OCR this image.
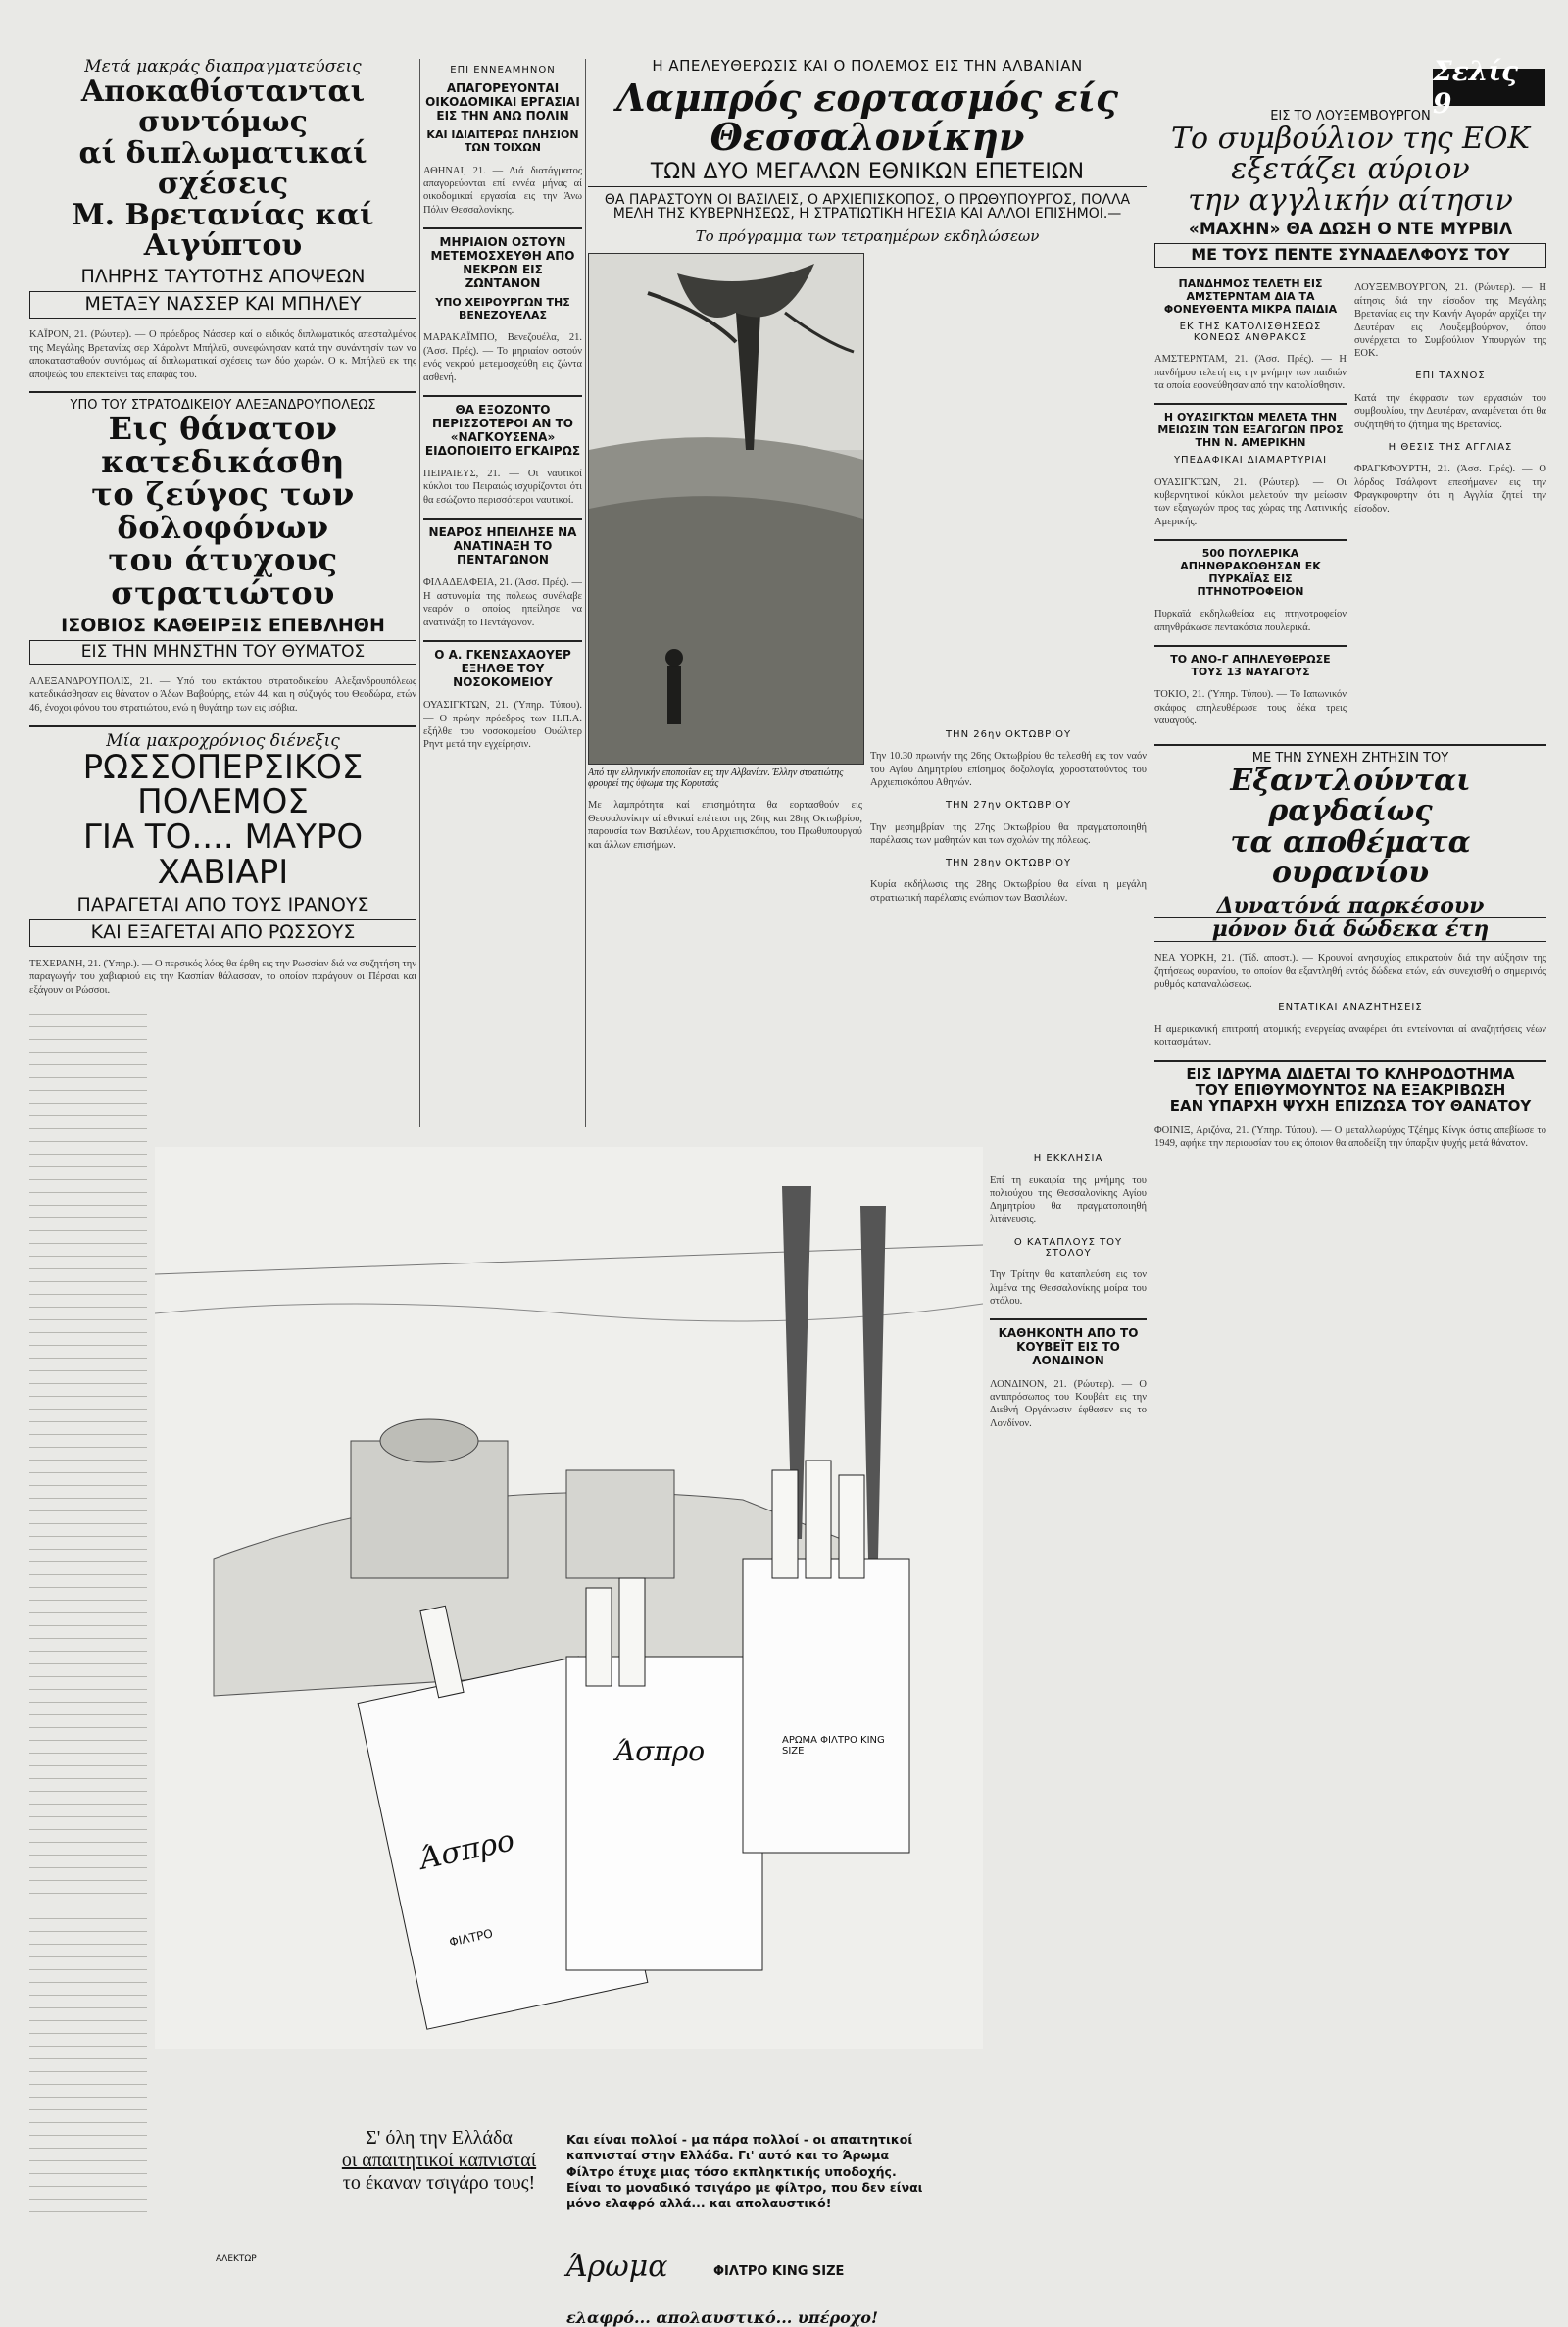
Σελίς 9

Μετά μακράς διαπραγματεύσεις

Αποκαθίστανται συντόμως

αί διπλωματικαί σχέσεις

Μ. Βρετανίας καί Αιγύπτου

ΠΛΗΡΗΣ ΤΑΥΤΟΤΗΣ ΑΠΟΨΕΩΝ

ΜΕΤΑΞΥ ΝΑΣΣΕΡ ΚΑΙ ΜΠΗΛΕΥ

ΚΑΪΡΟΝ, 21. (Ρώυτερ). — Ο πρόεδρος Νάσσερ καί ο ειδικός διπλωματικός απεσταλμένος της Μεγάλης Βρετανίας σερ Χάρολντ Μπήλεϋ, συνεφώνησαν κατά την συνάντησίν των να αποκατασταθούν συντόμως αί διπλωματικαί σχέσεις των δύο χωρών. Ο κ. Μπήλεϋ εκ της αποψεώς του επεκτείνει τας επαφάς του.

ΥΠΟ ΤΟΥ ΣΤΡΑΤΟΔΙΚΕΙΟΥ ΑΛΕΞΑΝΔΡΟΥΠΟΛΕΩΣ

Εις θάνατον κατεδικάσθη

το ζεύγος των δολοφόνων

του άτυχους στρατιώτου

ΙΣΟΒΙΟΣ ΚΑΘΕΙΡΞΙΣ ΕΠΕΒΛΗΘΗ

ΕΙΣ ΤΗΝ ΜΗΝΣΤΗΝ ΤΟΥ ΘΥΜΑΤΟΣ

ΑΛΕΞΑΝΔΡΟΥΠΟΛΙΣ, 21. — Υπό του εκτάκτου στρατοδικείου Αλεξανδρουπόλεως κατεδικάσθησαν εις θάνατον ο Άδων Βαβούρης, ετών 44, και η σύζυγός του Θεοδώρα, ετών 46, ένοχοι φόνου του στρατιώτου, ενώ η θυγάτηρ των εις ισόβια.

Μία μακροχρόνιος διένεξις

ΡΩΣΣΟΠΕΡΣΙΚΟΣ ΠΟΛΕΜΟΣ

ΓΙΑ ΤΟ.... ΜΑΥΡΟ ΧΑΒΙΑΡΙ

ΠΑΡΑΓΕΤΑΙ ΑΠΟ ΤΟΥΣ ΙΡΑΝΟΥΣ

ΚΑΙ ΕΞΑΓΕΤΑΙ ΑΠΟ ΡΩΣΣΟΥΣ

ΤΕΧΕΡΑΝΗ, 21. (Ύπηρ.). — Ο περσικός λόος θα έρθη εις την Ρωσσίαν διά να συζητήση την παραγωγήν του χαβιαριού εις την Κασπίαν θάλασσαν, το οποίον παράγουν οι Πέρσαι και εξάγουν οι Ρώσσοι.

ΕΠΙ ΕΝΝΕΑΜΗΝΟΝ

ΑΠΑΓΟΡΕΥΟΝΤΑΙ ΟΙΚΟΔΟΜΙΚΑΙ ΕΡΓΑΣΙΑΙ ΕΙΣ ΤΗΝ ΑΝΩ ΠΟΛΙΝ

ΚΑΙ ΙΔΙΑΙΤΕΡΩΣ ΠΛΗΣΙΟΝ ΤΩΝ ΤΟΙΧΩΝ

ΑΘΗΝΑΙ, 21. — Διά διατάγματος απαγορεύονται επί εννέα μήνας αί οικοδομικαί εργασίαι εις την Άνω Πόλιν Θεσσαλονίκης.

ΜΗΡΙΑΙΟΝ ΟΣΤΟΥΝ ΜΕΤΕΜΟΣΧΕΥΘΗ ΑΠΟ ΝΕΚΡΩΝ ΕΙΣ ΖΩΝΤΑΝΟΝ

ΥΠΟ ΧΕΙΡΟΥΡΓΩΝ ΤΗΣ ΒΕΝΕΖΟΥΕΛΑΣ

ΜΑΡΑΚΑΪΜΠΟ, Βενεζουέλα, 21. (Άσσ. Πρές). — Το μηριαίον οστούν ενός νεκρού μετεμοσχεύθη εις ζώντα ασθενή.

ΘΑ ΕΞΟΖΟΝΤΟ ΠΕΡΙΣΣΟΤΕΡΟΙ ΑΝ ΤΟ «ΝΑΓΚΟΥΣΕΝΑ» ΕΙΔΟΠΟΙΕΙΤΟ ΕΓΚΑΙΡΩΣ

ΠΕΙΡΑΙΕΥΣ, 21. — Οι ναυτικοί κύκλοι του Πειραιώς ισχυρίζονται ότι θα εσώζοντο περισσότεροι ναυτικοί.

ΝΕΑΡΟΣ ΗΠΕΙΛΗΣΕ ΝΑ ΑΝΑΤΙΝΑΞΗ ΤΟ ΠΕΝΤΑΓΩΝΟΝ

ΦΙΛΑΔΕΛΦΕΙΑ, 21. (Άσσ. Πρές). — Η αστυνομία της πόλεως συνέλαβε νεαρόν ο οποίος ηπείλησε να ανατινάξη το Πεντάγωνον.

Ο Α. ΓΚΕΝΣΑΧΑΟΥΕΡ ΕΞΗΛΘΕ ΤΟΥ ΝΟΣΟΚΟΜΕΙΟΥ

ΟΥΑΣΙΓΚΤΩΝ, 21. (Ύπηρ. Τύπου). — Ο πρώην πρόεδρος των Η.Π.Α. εξήλθε του νοσοκομείου Ουώλτερ Ρηντ μετά την εγχείρησιν.

Η ΑΠΕΛΕΥΘΕΡΩΣΙΣ ΚΑΙ Ο ΠΟΛΕΜΟΣ ΕΙΣ ΤΗΝ ΑΛΒΑΝΙΑΝ

Λαμπρός εορτασμός είς Θεσσαλονίκην

ΤΩΝ ΔΥΟ ΜΕΓΑΛΩΝ ΕΘΝΙΚΩΝ ΕΠΕΤΕΙΩΝ

ΘΑ ΠΑΡΑΣΤΟΥΝ ΟΙ ΒΑΣΙΛΕΙΣ, Ο ΑΡΧΙΕΠΙΣΚΟΠΟΣ, Ο ΠΡΩΘΥΠΟΥΡΓΟΣ, ΠΟΛΛΑ ΜΕΛΗ ΤΗΣ ΚΥΒΕΡΝΗΣΕΩΣ, Η ΣΤΡΑΤΙΩΤΙΚΗ ΗΓΕΣΙΑ ΚΑΙ ΑΛΛΟΙ ΕΠΙΣΗΜΟΙ.—

Το πρόγραμμα των τετραημέρων εκδηλώσεων

Από την ελληνικήν εποποιΐαν εις την Αλβανίαν. Έλλην στρατιώτης φρουρεί της ύψωμα της Κορυτσάς

Με λαμπρότητα καί επισημότητα θα εορτασθούν εις Θεσσαλονίκην αί εθνικαί επέτειοι της 26ης και 28ης Οκτωβρίου, παρουσία των Βασιλέων, του Αρχιεπισκόπου, του Πρωθυπουργού και άλλων επισήμων.

ΤΗΝ 26ην ΟΚΤΩΒΡΙΟΥ

Την 10.30 πρωινήν της 26ης Οκτωβρίου θα τελεσθή εις τον ναόν του Αγίου Δημητρίου επίσημος δοξολογία, χοροστατούντος του Αρχιεπισκόπου Αθηνών.

ΤΗΝ 27ην ΟΚΤΩΒΡΙΟΥ

Την μεσημβρίαν της 27ης Οκτωβρίου θα πραγματοποιηθή παρέλασις των μαθητών και των σχολών της πόλεως.

ΤΗΝ 28ην ΟΚΤΩΒΡΙΟΥ

Κυρία εκδήλωσις της 28ης Οκτωβρίου θα είναι η μεγάλη στρατιωτική παρέλασις ενώπιον των Βασιλέων.

Η ΕΚΚΛΗΣΙΑ

Επί τη ευκαιρία της μνήμης του πολιούχου της Θεσσαλονίκης Αγίου Δημητρίου θα πραγματοποιηθή λιτάνευσις.

Ο ΚΑΤΑΠΛΟΥΣ ΤΟΥ ΣΤΟΛΟΥ

Την Τρίτην θα καταπλεύση εις τον λιμένα της Θεσσαλονίκης μοίρα του στόλου.

ΚΑΘΗΚΟΝΤΗ ΑΠΟ ΤΟ ΚΟΥΒΕΪΤ ΕΙΣ ΤΟ ΛΟΝΔΙΝΟΝ

ΛΟΝΔΙΝΟΝ, 21. (Ρώυτερ). — Ο αντιπρόσωπος του Κουβέιτ εις την Διεθνή Οργάνωσιν έφθασεν εις το Λονδίνον.

ΕΙΣ ΤΟ ΛΟΥΞΕΜΒΟΥΡΓΟΝ

Το συμβούλιον της ΕΟΚ

εξετάζει αύριον

την αγγλικήν αίτησιν

«ΜΑΧΗΝ» ΘΑ ΔΩΣΗ Ο ΝΤΕ ΜΥΡΒΙΛ

ΜΕ ΤΟΥΣ ΠΕΝΤΕ ΣΥΝΑΔΕΛΦΟΥΣ ΤΟΥ

ΠΑΝΔΗΜΟΣ ΤΕΛΕΤΗ ΕΙΣ ΑΜΣΤΕΡΝΤΑΜ ΔΙΑ ΤΑ ΦΟΝΕΥΘΕΝΤΑ ΜΙΚΡΑ ΠΑΙΔΙΑ

ΕΚ ΤΗΣ ΚΑΤΟΛΙΣΘΗΣΕΩΣ ΚΟΝΕΩΣ ΑΝΘΡΑΚΟΣ

ΑΜΣΤΕΡΝΤΑΜ, 21. (Άσσ. Πρές). — Η πανδήμου τελετή εις την μνήμην των παιδιών τα οποία εφονεύθησαν από την κατολίσθησιν.

Η ΟΥΑΣΙΓΚΤΩΝ ΜΕΛΕΤΑ ΤΗΝ ΜΕΙΩΣΙΝ ΤΩΝ ΕΞΑΓΩΓΩΝ ΠΡΟΣ ΤΗΝ Ν. ΑΜΕΡΙΚΗΝ

ΥΠΕΔΑΦΙΚΑΙ ΔΙΑΜΑΡΤΥΡΙΑΙ

ΟΥΑΣΙΓΚΤΩΝ, 21. (Ρώυτερ). — Οι κυβερνητικοί κύκλοι μελετούν την μείωσιν των εξαγωγών προς τας χώρας της Λατινικής Αμερικής.

500 ΠΟΥΛΕΡΙΚΑ ΑΠΗΝΘΡΑΚΩΘΗΣΑΝ ΕΚ ΠΥΡΚΑΪΑΣ ΕΙΣ ΠΤΗΝΟΤΡΟΦΕΙΟΝ

Πυρκαϊά εκδηλωθείσα εις πτηνοτροφείον απηνθράκωσε πεντακόσια πουλερικά.

ΤΟ ΑΝΟ-Γ ΑΠΗΛΕΥΘΕΡΩΣΕ ΤΟΥΣ 13 ΝΑΥΑΓΟΥΣ

ΤΟΚΙΟ, 21. (Ύπηρ. Τύπου). — Το Ιαπωνικόν σκάφος απηλευθέρωσε τους δέκα τρεις ναυαγούς.

ΛΟΥΞΕΜΒΟΥΡΓΟΝ, 21. (Ρώυτερ). — Η αίτησις διά την είσοδον της Μεγάλης Βρετανίας εις την Κοινήν Αγοράν αρχίζει την Δευτέραν εις Λουξεμβούργον, όπου συνέρχεται το Συμβούλιον Υπουργών της ΕΟΚ.

ΕΠΙ ΤΑΧΝΟΣ

Κατά την έκφρασιν των εργασιών του συμβουλίου, την Δευτέραν, αναμένεται ότι θα συζητηθή το ζήτημα της Βρετανίας.

Η ΘΕΣΙΣ ΤΗΣ ΑΓΓΛΙΑΣ

ΦΡΑΓΚΦΟΥΡΤΗ, 21. (Άσσ. Πρές). — Ο λόρδος Τσάλφοντ επεσήμανεν εις την Φραγκφούρτην ότι η Αγγλία ζητεί την είσοδον.

ΜΕ ΤΗΝ ΣΥΝΕΧΗ ΖΗΤΗΣΙΝ ΤΟΥ

Εξαντλούνται ραγδαίως

τα αποθέματα ουρανίου

Δυνατόνά παρκέσουν

μόνον διά δώδεκα έτη

ΝΕΑ ΥΟΡΚΗ, 21. (Τίδ. αποστ.). — Κρουνοί ανησυχίας επικρατούν διά την αύξησιν της ζητήσεως ουρανίου, το οποίον θα εξαντληθή εντός δώδεκα ετών, εάν συνεχισθή ο σημερινός ρυθμός καταναλώσεως.

ΕΝΤΑΤΙΚΑΙ ΑΝΑΖΗΤΗΣΕΙΣ

Η αμερικανική επιτροπή ατομικής ενεργείας αναφέρει ότι εντείνονται αί αναζητήσεις νέων κοιτασμάτων.

ΕΙΣ ΙΔΡΥΜΑ ΔΙΔΕΤΑΙ ΤΟ ΚΛΗΡΟΔΟΤΗΜΑ

ΤΟΥ ΕΠΙΘΥΜΟΥΝΤΟΣ ΝΑ ΕΞΑΚΡΙΒΩΣΗ

ΕΑΝ ΥΠΑΡΧΗ ΨΥΧΗ ΕΠΙΖΩΣΑ ΤΟΥ ΘΑΝΑΤΟΥ

ΦΟΙΝΙΞ, Αριζόνα, 21. (Ύπηρ. Τύπου). — Ο μεταλλωρύχος Τζέημς Κίνγκ όστις απεβίωσε το 1949, αφήκε την περιουσίαν του εις όποιον θα αποδείξη την ύπαρξιν ψυχής μετά θάνατον.

Άσπρο
ΦΙΛΤΡΟ
Άσπρο	ΑΡΩΜΑ ΦΙΛΤΡΟ KING SIZE
Σ' όλη την Ελλάδα
οι απαιτητικοί καπνισταί
το έκαναν τσιγάρο τους!
Και είναι πολλοί - μα πάρα πολλοί - οι απαιτητικοί καπνισταί στην Ελλάδα. Γι' αυτό και το Άρωμα Φίλτρο έτυχε μιας τόσο εκπληκτικής υποδοχής.
Είναι το μοναδικό τσιγάρο με φίλτρο, που δεν είναι μόνο ελαφρό αλλά... και απολαυστικό!
Άρωμα	ΦΙΛΤΡΟ KING SIZE
ελαφρό... απολαυστικό... υπέροχο!
ΑΛΕΚΤΩΡ
